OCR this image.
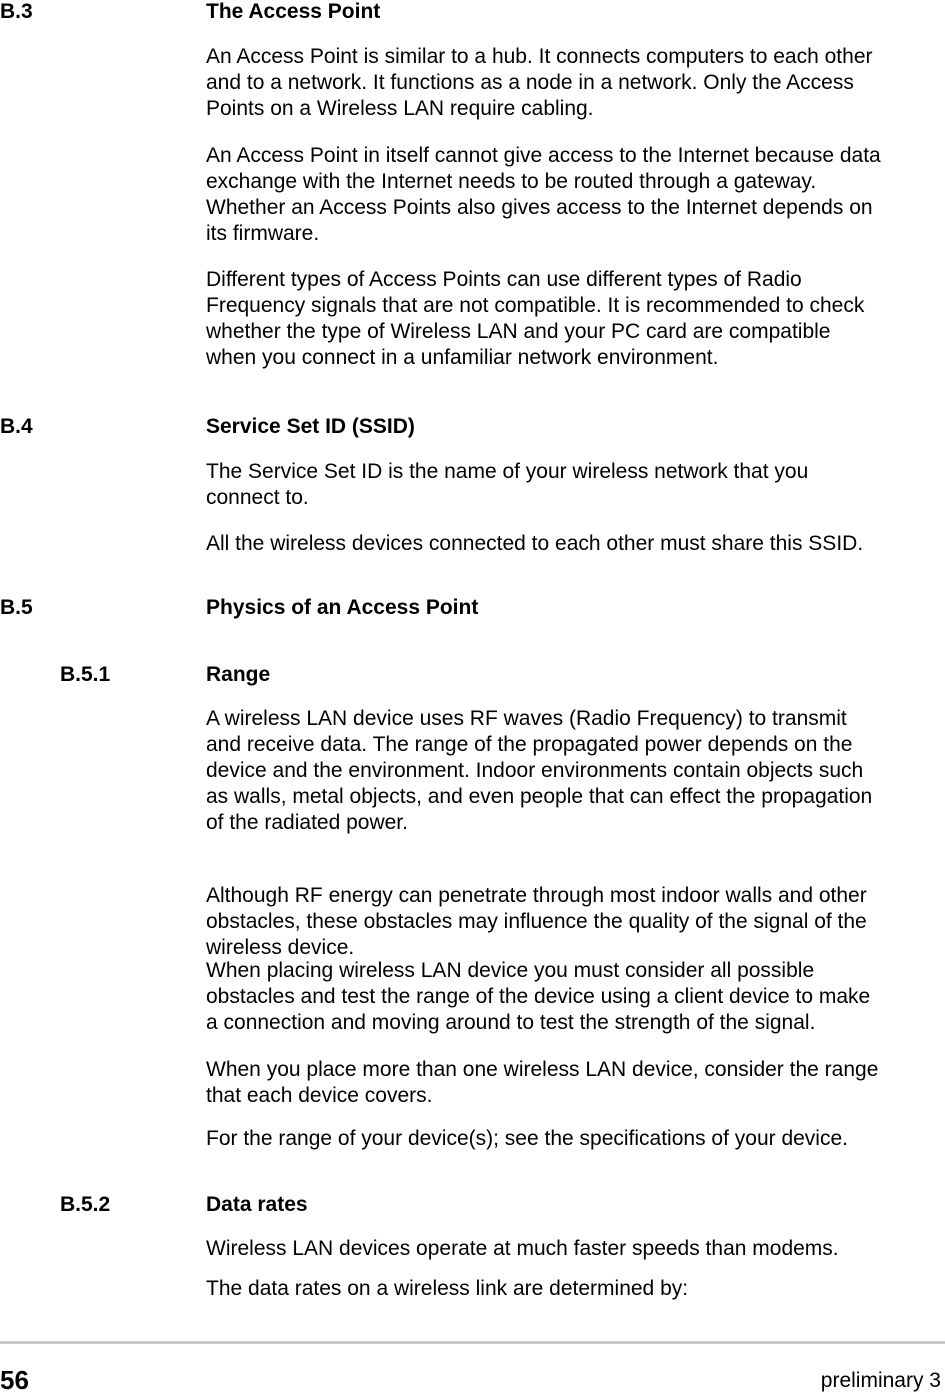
B.3	The Access Point

An Access Point is similar to a hub. It connects computers to each other
and to a network. It functions as a node in a network. Only the Access
Points on a Wireless LAN require cabling.

An Access Point in itself cannot give access to the Internet because data
exchange with the Internet needs to be routed through a gateway.
Whether an Access Points also gives access to the Internet depends on
its firmware.

Different types of Access Points can use different types of Radio
Frequency signals that are not compatible. It is recommended to check
whether the type of Wireless LAN and your PC card are compatible
when you connect in a unfamiliar network environment.

B.4	Service Set ID (SSID)

The Service Set ID is the name of your wireless network that you
connect to.

All the wireless devices connected to each other must share this SSID.

B.5	Physics of an Access Point
B.5.1	Range

A wireless LAN device uses RF waves (Radio Frequency) to transmit
and receive data. The range of the propagated power depends on the
device and the environment. Indoor environments contain objects such
as walls, metal objects, and even people that can effect the propagation
of the radiated power.

Although RF energy can penetrate through most indoor walls and other
obstacles, these obstacles may influence the quality of the signal of the
wireless device.

When placing wireless LAN device you must consider all possible
obstacles and test the range of the device using a client device to make
a connection and moving around to test the strength of the signal.

When you place more than one wireless LAN device, consider the range
that each device covers.

For the range of your device(s); see the specifications of your device.

B.5.2	Data rates

Wireless LAN devices operate at much faster speeds than modems.

The data rates on a wireless link are determined by:

56	preliminary 3
